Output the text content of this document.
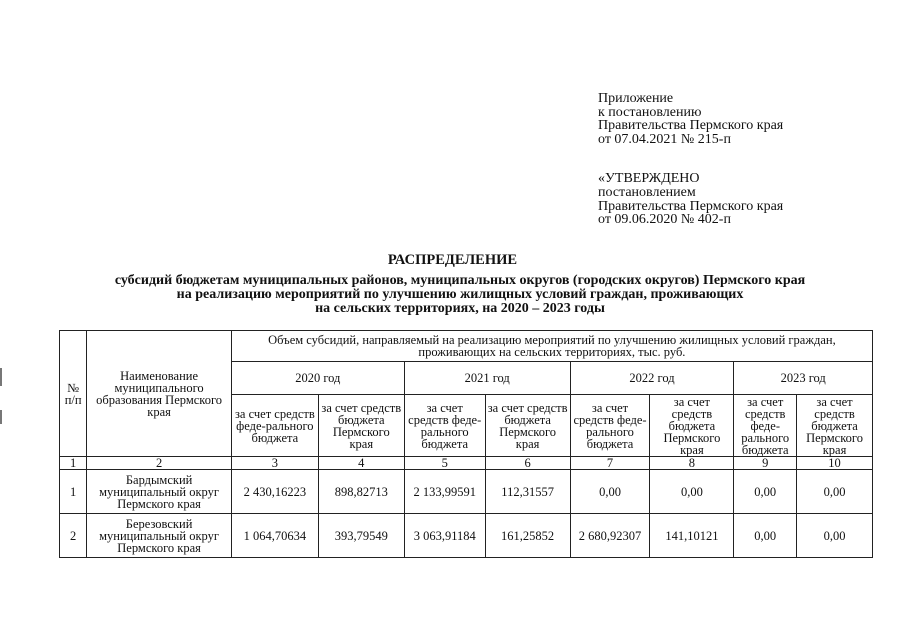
Приложение
к постановлению
Правительства Пермского края
от 07.04.2021 № 215-п
«УТВЕРЖДЕНО
постановлением
Правительства Пермского края
от 09.06.2020 № 402-п
РАСПРЕДЕЛЕНИЕ
субсидий бюджетам муниципальных районов, муниципальных округов (городских округов) Пермского края
на реализацию мероприятий по улучшению жилищных условий граждан, проживающих
на сельских территориях, на 2020 – 2023 годы
№ п/п	Наименование муниципального образования Пермского края	Объем субсидий, направляемый на реализацию мероприятий по улучшению жилищных условий граждан, проживающих на сельских территориях, тыс. руб.							
		2020 год		2021 год		2022 год		2023 год	
		за счет средств феде-рального бюджета	за счет средств бюджета Пермского края	за счет средств феде-рального бюджета	за счет средств бюджета Пермского края	за счет средств феде-рального бюджета	за счет средств бюджета Пермского края	за счет средств феде-рального бюджета	за счет средств бюджета Пермского края
1	2	3	4	5	6	7	8	9	10
1	Бардымский муниципальный округ Пермского края	2 430,16223	898,82713	2 133,99591	112,31557	0,00	0,00	0,00	0,00
2	Березовский муниципальный округ Пермского края	1 064,70634	393,79549	3 063,91184	161,25852	2 680,92307	141,10121	0,00	0,00
